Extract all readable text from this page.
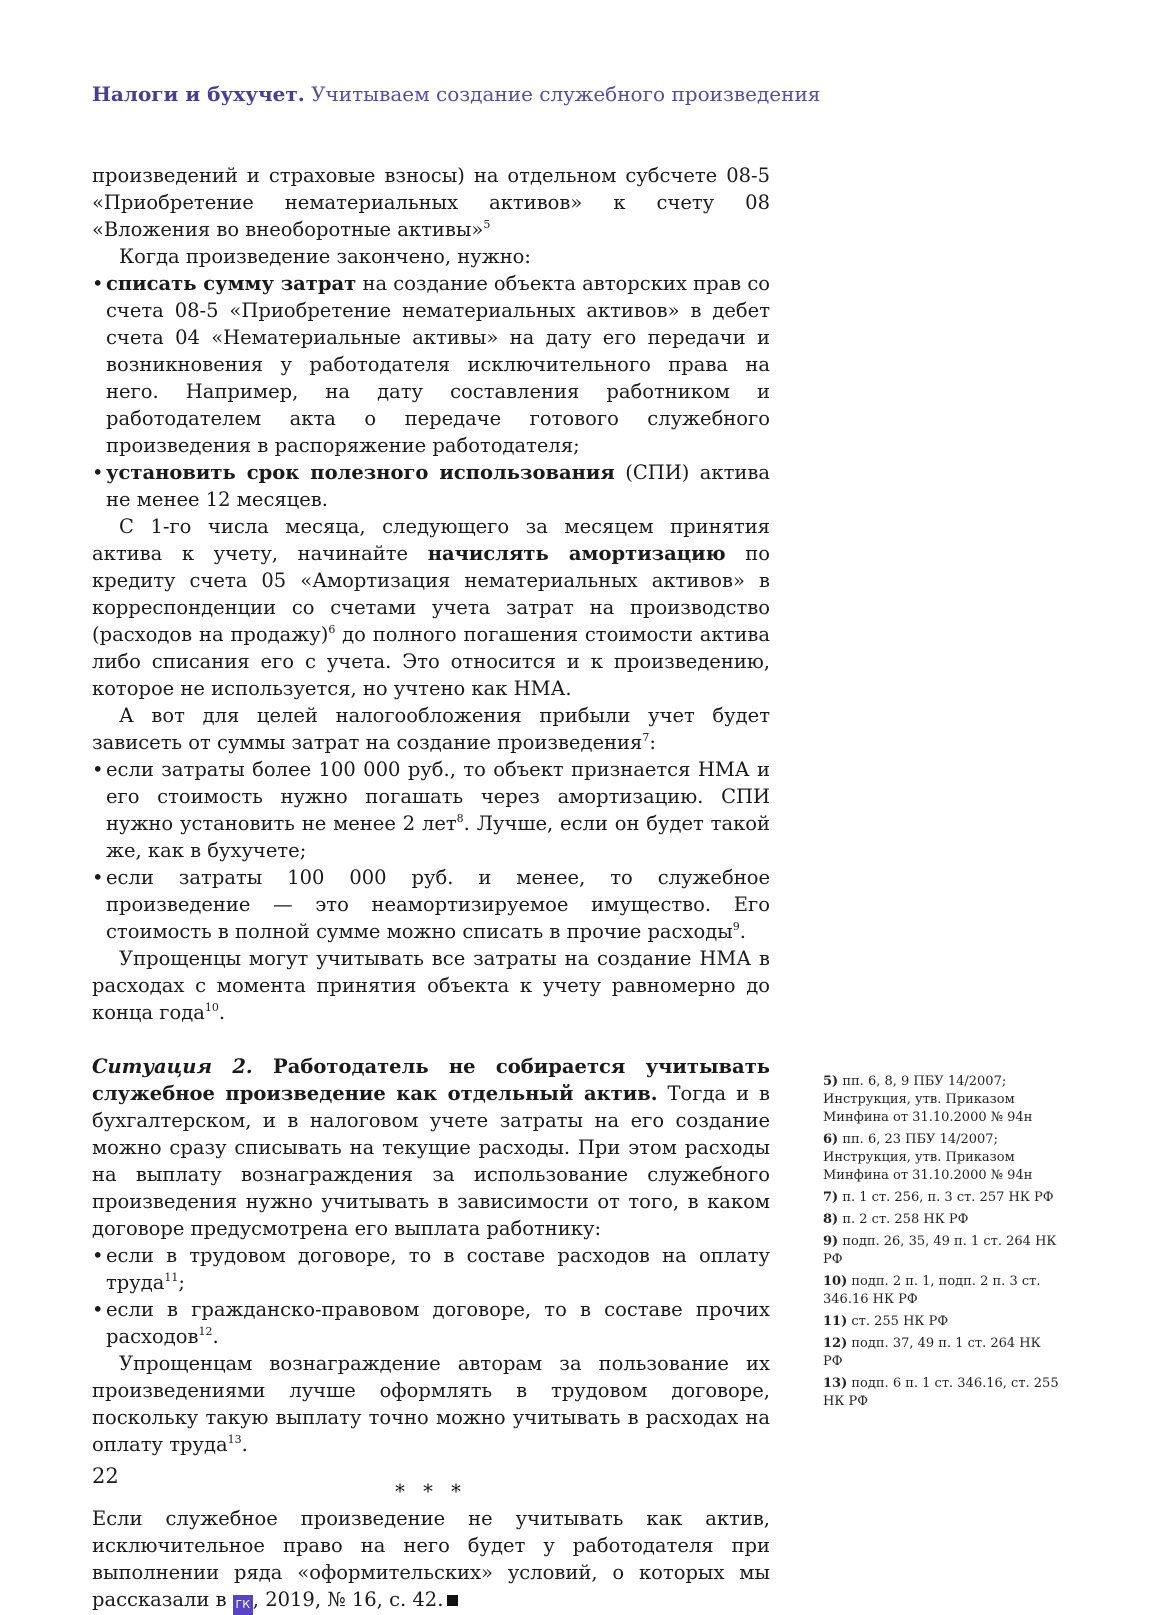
Налоги и бухучет. Учитываем создание служебного произведения

произведений и страховые взносы) на отдельном субсчете 08-5 «Приобретение нематериальных активов» к счету 08 «Вложения во внеоборотные активы»$^5$

Когда произведение закончено, нужно:

• списать сумму затрат на создание объекта авторских прав со счета 08-5 «Приобретение нематериальных активов» в дебет счета 04 «Нематериальные активы» на дату его передачи и возникновения у работодателя исключительного права на него. Например, на дату составления работником и работодателем акта о передаче готового служебного произведения в распоряжение работодателя;
• установить срок полезного использования (СПИ) актива не менее 12 месяцев.

С 1-го числа месяца, следующего за месяцем принятия актива к учету, начинайте начислять амортизацию по кредиту счета 05 «Амортизация нематериальных активов» в корреспонденции со счетами учета затрат на производство (расходов на продажу)$^6$ до полного погашения стоимости актива либо списания его с учета. Это относится и к произведению, которое не используется, но учтено как НМА.

А вот для целей налогообложения прибыли учет будет зависеть от суммы затрат на создание произведения$^7$:

• если затраты более 100 000 руб., то объект признается НМА и его стоимость нужно погашать через амортизацию. СПИ нужно установить не менее 2 лет$^8$. Лучше, если он будет такой же, как в бухучете;
• если затраты 100 000 руб. и менее, то служебное произведение — это неамортизируемое имущество. Его стоимость в полной сумме можно списать в прочие расходы$^9$.

Упрощенцы могут учитывать все затраты на создание НМА в расходах с момента принятия объекта к учету равномерно до конца года$^{10}$.

Ситуация 2. Работодатель не собирается учитывать служебное произведение как отдельный актив. Тогда и в бухгалтерском, и в налоговом учете затраты на его создание можно сразу списывать на текущие расходы. При этом расходы на выплату вознаграждения за использование служебного произведения нужно учитывать в зависимости от того, в каком договоре предусмотрена его выплата работнику:

• если в трудовом договоре, то в составе расходов на оплату труда$^{11}$;
• если в гражданско-правовом договоре, то в составе прочих расходов$^{12}$.

Упрощенцам вознаграждение авторам за пользование их произведениями лучше оформлять в трудовом договоре, поскольку такую выплату точно можно учитывать в расходах на оплату труда$^{13}$.

* * *

Если служебное произведение не учитывать как актив, исключительное право на него будет у работодателя при выполнении ряда «оформительских» условий, о которых мы рассказали в ГК , 2019, № 16, с. 42.

5) пп. 6, 8, 9 ПБУ 14/2007; Инструкция, утв. Приказом Минфина от 31.10.2000 № 94н
6) пп. 6, 23 ПБУ 14/2007; Инструкция, утв. Приказом Минфина от 31.10.2000 № 94н
7) п. 1 ст. 256, п. 3 ст. 257 НК РФ
8) п. 2 ст. 258 НК РФ
9) подп. 26, 35, 49 п. 1 ст. 264 НК РФ
10) подп. 2 п. 1, подп. 2 п. 3 ст. 346.16 НК РФ
11) ст. 255 НК РФ
12) подп. 37, 49 п. 1 ст. 264 НК РФ
13) подп. 6 п. 1 ст. 346.16, ст. 255 НК РФ
22
